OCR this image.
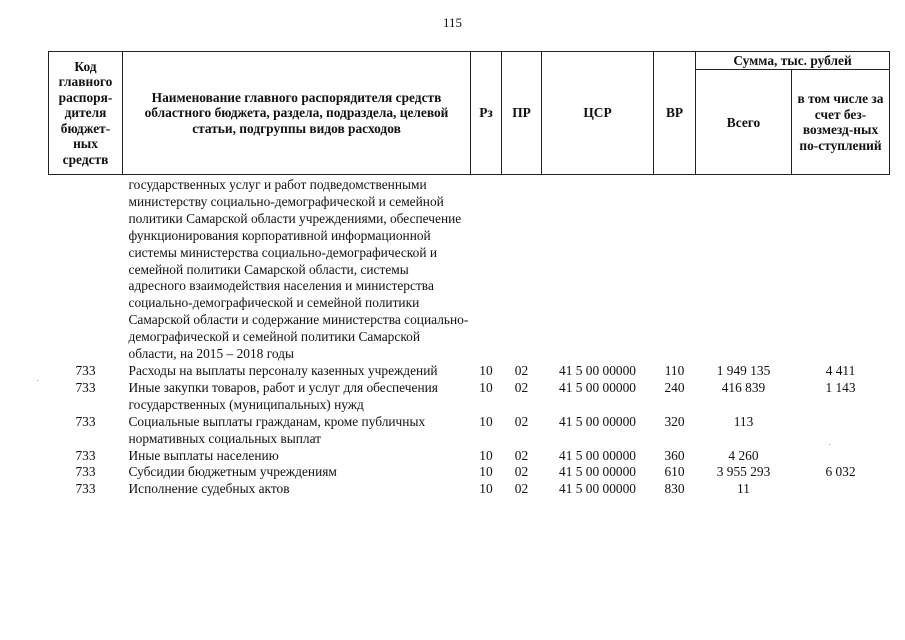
115
Код главного распоря-дителя бюджет-ных средств	Наименование главного распорядителя средств областного бюджета, раздела, подраздела, целевой статьи, подгруппы видов расходов	Рз	ПР	ЦСР	ВР	Сумма, тыс. рублей	
						Всего	в том числе за счет без-возмезд-ных по-ступлений
	государственных услуг и работ подведомственными министерству социально-демографической и семейной политики Самарской области учреждениями, обеспечение функционирования корпоративной информационной системы министерства социально-демографической и семейной политики Самарской области, системы адресного взаимодействия населения и министерства социально-демографической и семейной политики Самарской области и содержание министерства социально-демографической и семейной политики Самарской области, на 2015 – 2018 годы						
733	Расходы на выплаты персоналу казенных учреждений	10	02	41 5 00 00000	110	1 949 135	4 411
733	Иные закупки товаров, работ и услуг для обеспечения государственных (муниципальных) нужд	10	02	41 5 00 00000	240	416 839	1 143
733	Социальные выплаты гражданам, кроме публичных нормативных социальных выплат	10	02	41 5 00 00000	320	113	
733	Иные выплаты населению	10	02	41 5 00 00000	360	4 260	
733	Субсидии бюджетным учреждениям	10	02	41 5 00 00000	610	3 955 293	6 032
733	Исполнение судебных актов	10	02	41 5 00 00000	830	11	
